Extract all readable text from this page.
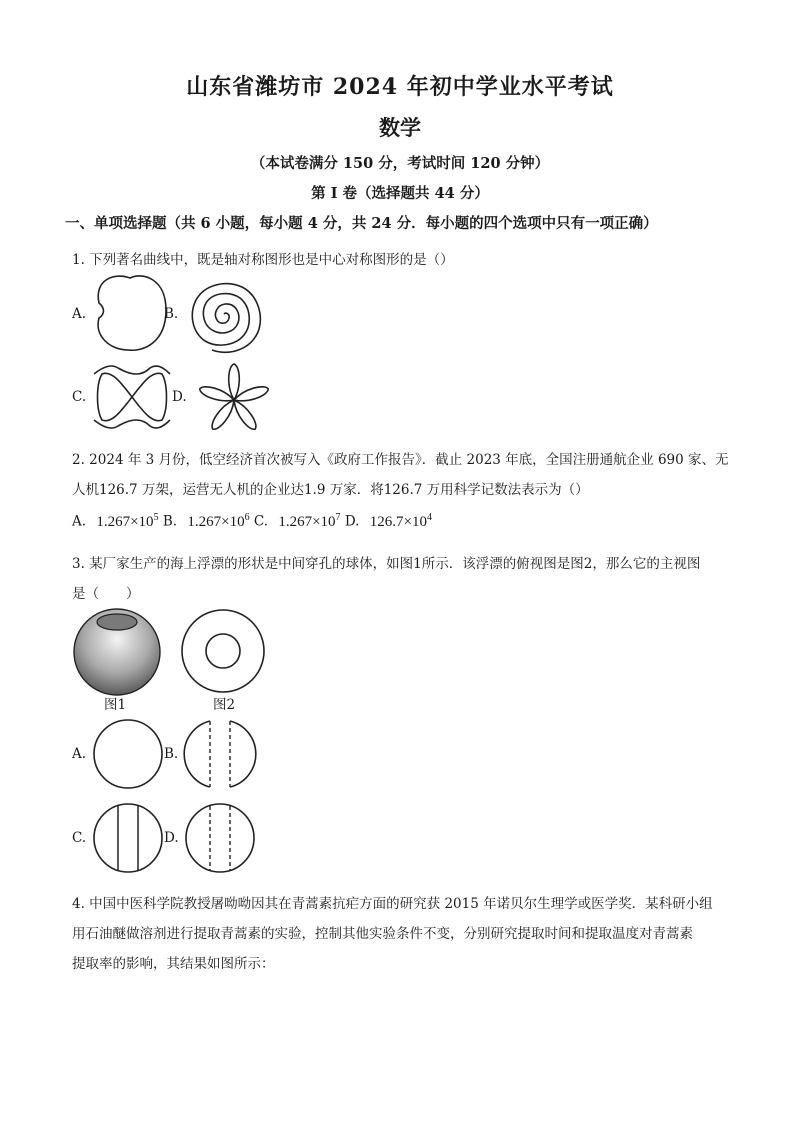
山东省潍坊市 2024 年初中学业水平考试
数学
（本试卷满分 150 分，考试时间 120 分钟）
第 I 卷（选择题共 44 分）
一、单项选择题（共 6 小题，每小题 4 分，共 24 分．每小题的四个选项中只有一项正确）
1. 下列著名曲线中，既是轴对称图形也是中心对称图形的是（）
A.	B.
C.	D.
2. 2024 年 3 月份，低空经济首次被写入《政府工作报告》．截止 2023 年底，全国注册通航企业 690 家、无
人机126.7 万架，运营无人机的企业达1.9 万家．将126.7 万用科学记数法表示为（）
A. $1.267\times 10^5$ B. $1.267\times 10^6$ C. $1.267\times 10^7$ D. $126.7\times 10^4$
3. 某厂家生产的海上浮漂的形状是中间穿孔的球体，如图1所示．该浮漂的俯视图是图2，那么它的主视图
是（　　）
图1	图2
A.	B.
C.	D.
4. 中国中医科学院教授屠呦呦因其在青蒿素抗疟方面的研究获 2015 年诺贝尔生理学或医学奖．某科研小组
用石油醚做溶剂进行提取青蒿素的实验，控制其他实验条件不变，分别研究提取时间和提取温度对青蒿素
提取率的影响，其结果如图所示：
